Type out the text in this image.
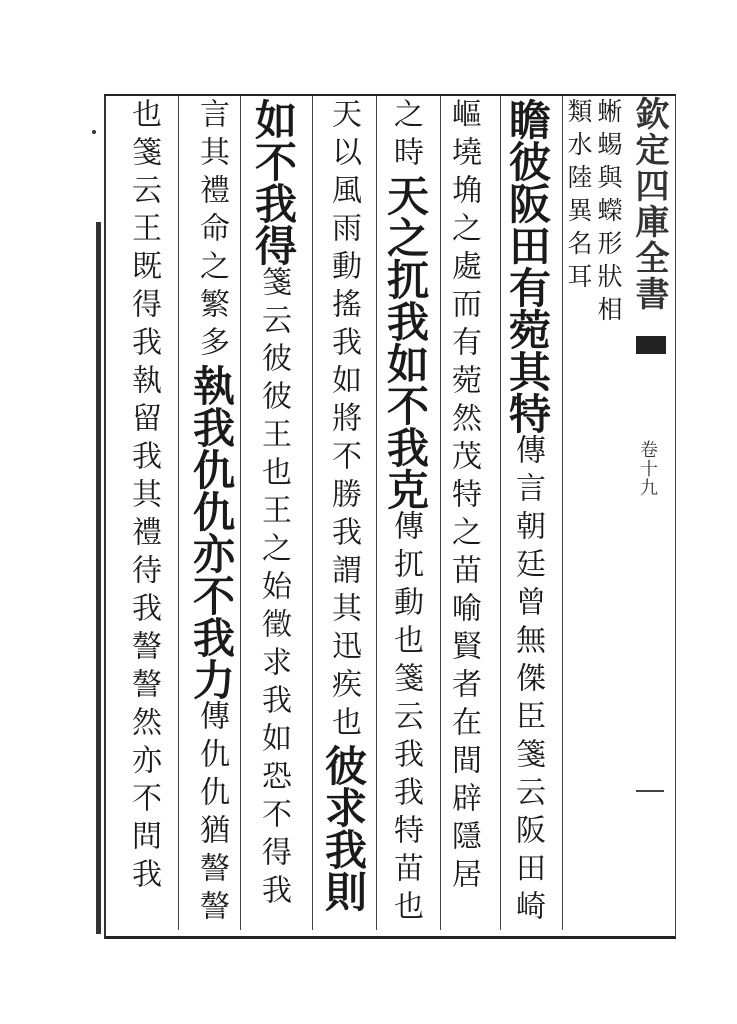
蜥蜴與蠑形狀相
類水陸異名耳
瞻彼阪田有菀其特傳言朝廷曾無傑臣箋云阪田崎
嶇墝埆之處而有菀然茂特之苗喻賢者在間辟隱居
之時天之扤我如不我克傳扤動也箋云我我特苗也
天以風雨動搖我如將不勝我謂其迅疾也彼求我則
如不我得箋云彼彼王也王之始徵求我如恐不得我
言其禮命之繁多執我仇仇亦不我力傳仇仇猶謷謷
也箋云王既得我執留我其禮待我謷謷然亦不問我	欽定四庫全書
卷十九
